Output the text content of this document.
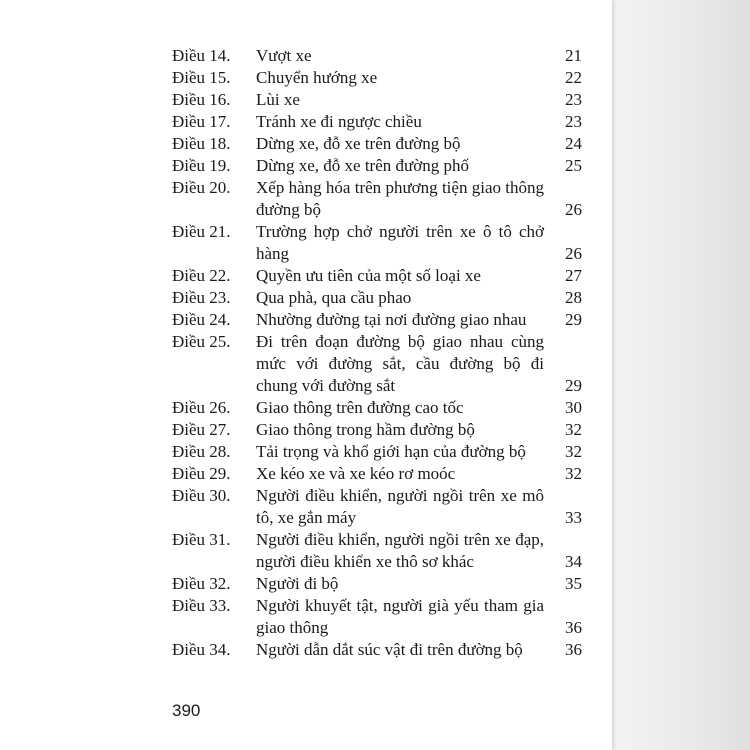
Điều 14.	Vượt xe	21
Điều 15.	Chuyển hướng xe	22
Điều 16.	Lùi xe	23
Điều 17.	Tránh xe đi ngược chiều	23
Điều 18.	Dừng xe, đỗ xe trên đường bộ	24
Điều 19.	Dừng xe, đỗ xe trên đường phố	25
Điều 20.	Xếp hàng hóa trên phương tiện giao thông đường bộ	26
Điều 21.	Trường hợp chở người trên xe ô tô chở hàng	26
Điều 22.	Quyền ưu tiên của một số loại xe	27
Điều 23.	Qua phà, qua cầu phao	28
Điều 24.	Nhường đường tại nơi đường giao nhau	29
Điều 25.	Đi trên đoạn đường bộ giao nhau cùng mức với đường sắt, cầu đường bộ đi chung với đường sắt	29
Điều 26.	Giao thông trên đường cao tốc	30
Điều 27.	Giao thông trong hầm đường bộ	32
Điều 28.	Tải trọng và khổ giới hạn của đường bộ	32
Điều 29.	Xe kéo xe và xe kéo rơ moóc	32
Điều 30.	Người điều khiển, người ngồi trên xe mô tô, xe gắn máy	33
Điều 31.	Người điều khiển, người ngồi trên xe đạp, người điều khiển xe thô sơ khác	34
Điều 32.	Người đi bộ	35
Điều 33.	Người khuyết tật, người già yếu tham gia giao thông	36
Điều 34.	Người dẫn dắt súc vật đi trên đường bộ	36
390
